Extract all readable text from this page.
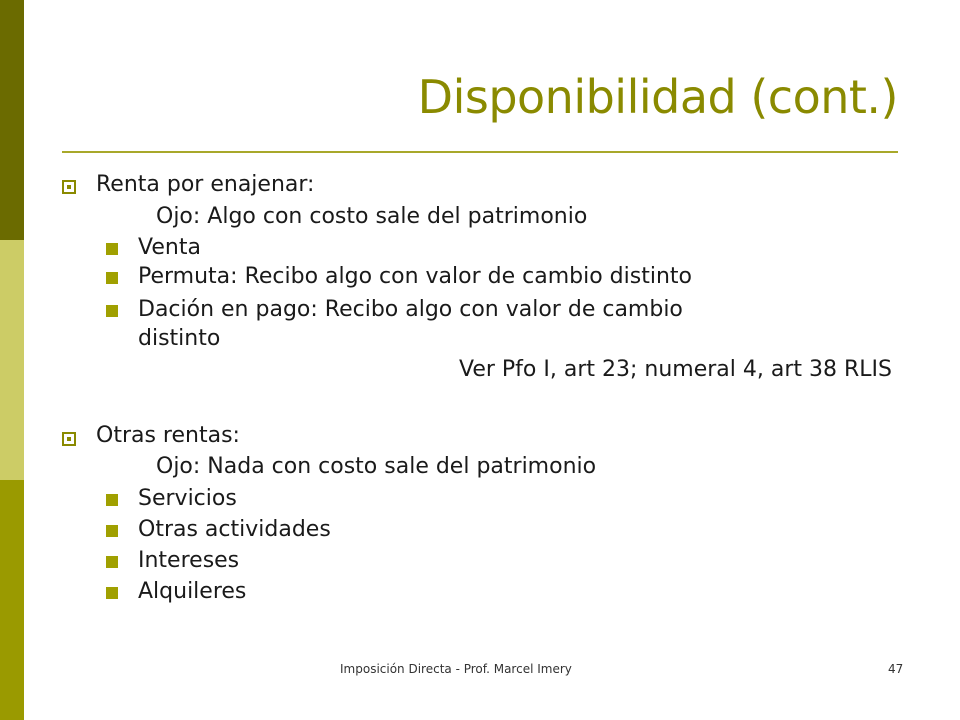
Disponibilidad (cont.)
Renta por enajenar:
Ojo: Algo con costo sale del patrimonio
Venta
Permuta: Recibo algo con valor de cambio distinto
Dación en pago: Recibo algo con valor de cambio
distinto
Ver Pfo I, art 23; numeral 4, art 38 RLIS
Otras rentas:
Ojo: Nada con costo sale del patrimonio
Servicios
Otras actividades
Intereses
Alquileres
Imposición Directa - Prof. Marcel Imery	47
